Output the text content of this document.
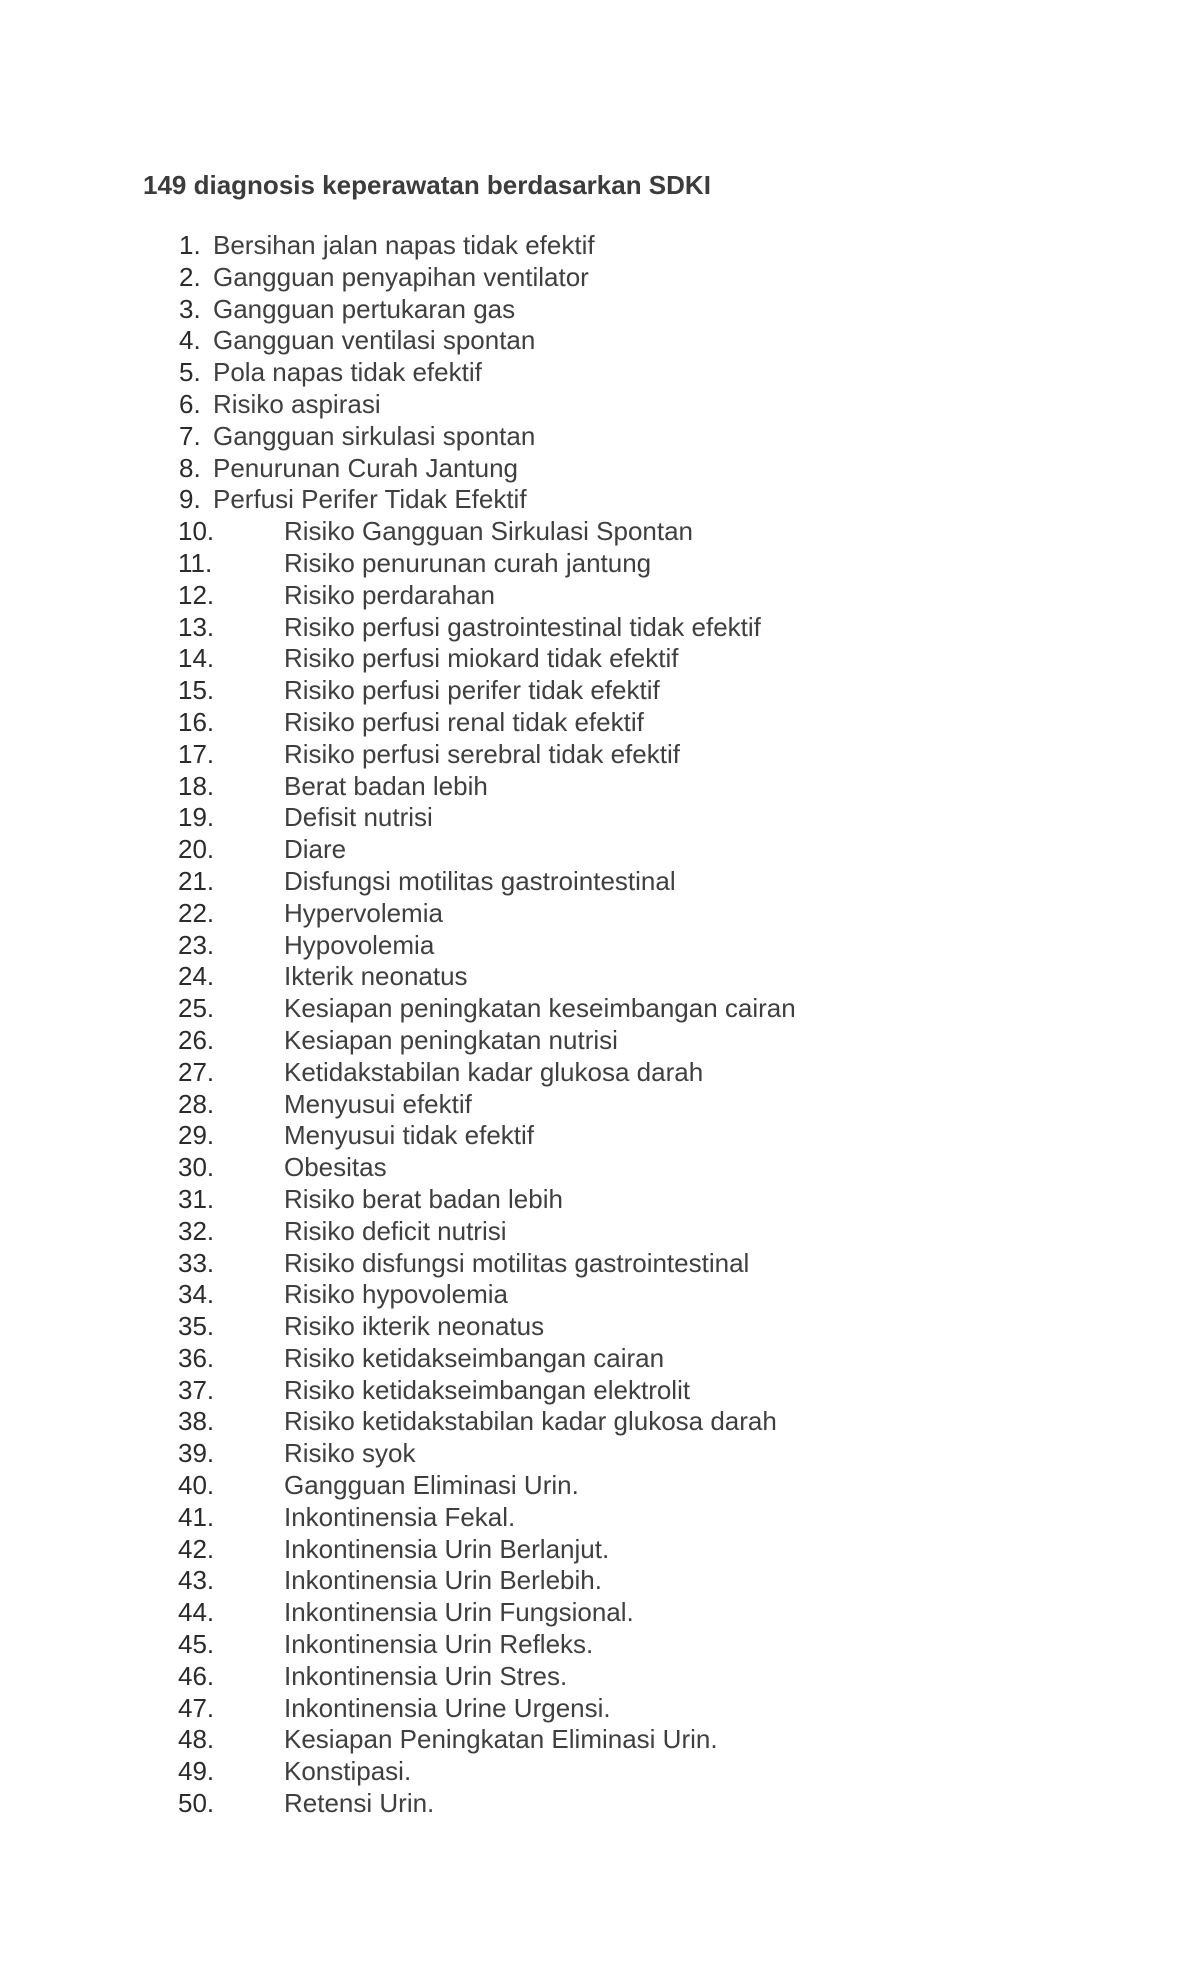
149 diagnosis keperawatan berdasarkan SDKI
1. Bersihan jalan napas tidak efektif
2. Gangguan penyapihan ventilator
3. Gangguan pertukaran gas
4. Gangguan ventilasi spontan
5. Pola napas tidak efektif
6. Risiko aspirasi
7. Gangguan sirkulasi spontan
8. Penurunan Curah Jantung
9. Perfusi Perifer Tidak Efektif
10.	Risiko Gangguan Sirkulasi Spontan
11.	Risiko penurunan curah jantung
12.	Risiko perdarahan
13.	Risiko perfusi gastrointestinal tidak efektif
14.	Risiko perfusi miokard tidak efektif
15.	Risiko perfusi perifer tidak efektif
16.	Risiko perfusi renal tidak efektif
17.	Risiko perfusi serebral tidak efektif
18.	Berat badan lebih
19.	Defisit nutrisi
20.	Diare
21.	Disfungsi motilitas gastrointestinal
22.	Hypervolemia
23.	Hypovolemia
24.	Ikterik neonatus
25.	Kesiapan peningkatan keseimbangan cairan
26.	Kesiapan peningkatan nutrisi
27.	Ketidakstabilan kadar glukosa darah
28.	Menyusui efektif
29.	Menyusui tidak efektif
30.	Obesitas
31.	Risiko berat badan lebih
32.	Risiko deficit nutrisi
33.	Risiko disfungsi motilitas gastrointestinal
34.	Risiko hypovolemia
35.	Risiko ikterik neonatus
36.	Risiko ketidakseimbangan cairan
37.	Risiko ketidakseimbangan elektrolit
38.	Risiko ketidakstabilan kadar glukosa darah
39.	Risiko syok
40.	Gangguan Eliminasi Urin.
41.	Inkontinensia Fekal.
42.	Inkontinensia Urin Berlanjut.
43.	Inkontinensia Urin Berlebih.
44.	Inkontinensia Urin Fungsional.
45.	Inkontinensia Urin Refleks.
46.	Inkontinensia Urin Stres.
47.	Inkontinensia Urine Urgensi.
48.	Kesiapan Peningkatan Eliminasi Urin.
49.	Konstipasi.
50.	Retensi Urin.
